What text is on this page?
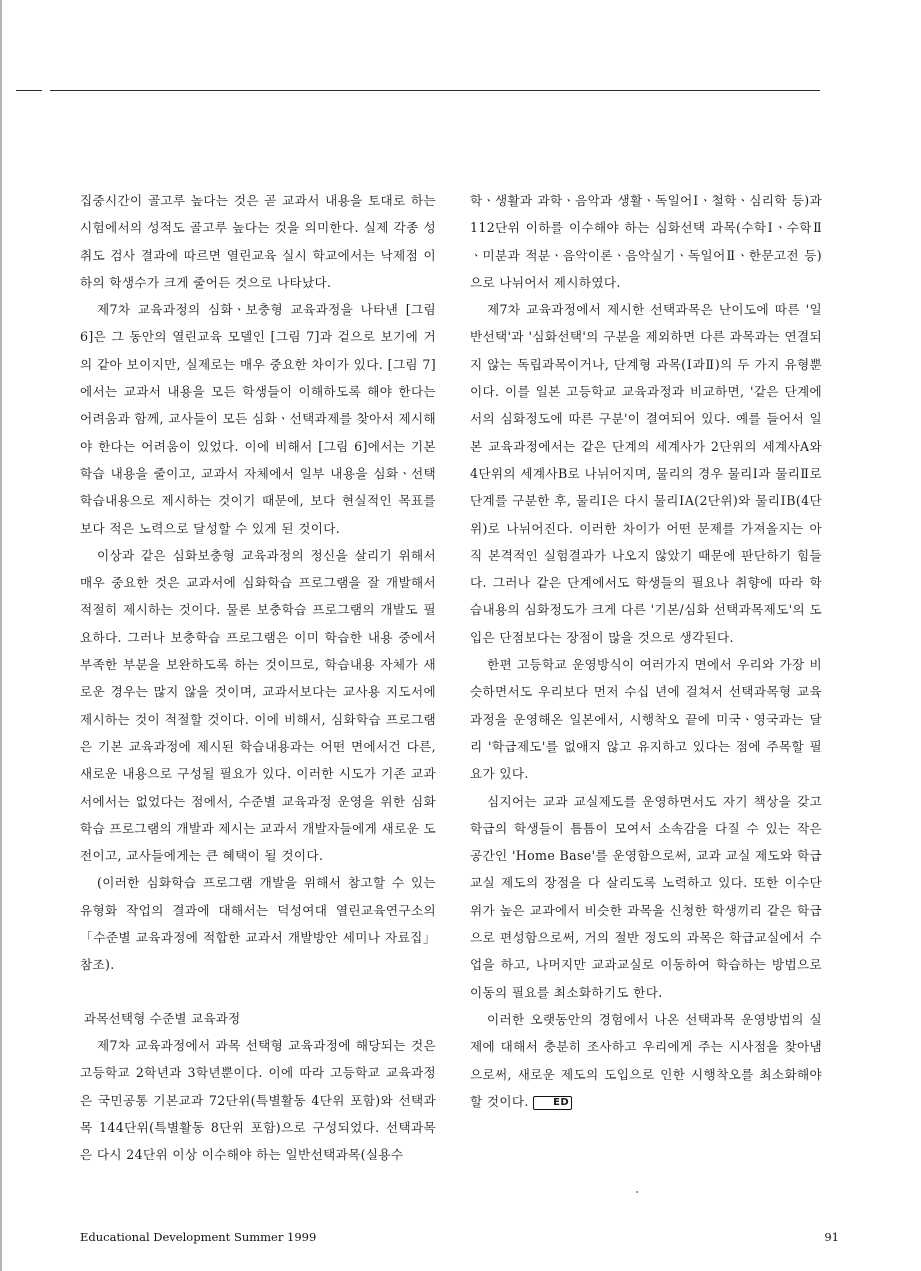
집중시간이 골고루 높다는 것은 곧 교과서 내용을 토대로 하는 시험에서의 성적도 골고루 높다는 것을 의미한다. 실제 각종 성취도 검사 결과에 따르면 열린교육 실시 학교에서는 낙제점 이하의 학생수가 크게 줄어든 것으로 나타났다.

제7차 교육과정의 심화ㆍ보충형 교육과정을 나타낸 [그림 6]은 그 동안의 열린교육 모델인 [그림 7]과 겉으로 보기에 거의 같아 보이지만, 실제로는 매우 중요한 차이가 있다. [그림 7]에서는 교과서 내용을 모든 학생들이 이해하도록 해야 한다는 어려움과 함께, 교사들이 모든 심화ㆍ선택과제를 찾아서 제시해야 한다는 어려움이 있었다. 이에 비해서 [그림 6]에서는 기본학습 내용을 줄이고, 교과서 자체에서 일부 내용을 심화ㆍ선택 학습내용으로 제시하는 것이기 때문에, 보다 현실적인 목표를 보다 적은 노력으로 달성할 수 있게 된 것이다.

이상과 같은 심화보충형 교육과정의 정신을 살리기 위해서 매우 중요한 것은 교과서에 심화학습 프로그램을 잘 개발해서 적절히 제시하는 것이다. 물론 보충학습 프로그램의 개발도 필요하다. 그러나 보충학습 프로그램은 이미 학습한 내용 중에서 부족한 부분을 보완하도록 하는 것이므로, 학습내용 자체가 새로운 경우는 많지 않을 것이며, 교과서보다는 교사용 지도서에 제시하는 것이 적절할 것이다. 이에 비해서, 심화학습 프로그램은 기본 교육과정에 제시된 학습내용과는 어떤 면에서건 다른, 새로운 내용으로 구성될 필요가 있다. 이러한 시도가 기존 교과서에서는 없었다는 점에서, 수준별 교육과정 운영을 위한 심화학습 프로그램의 개발과 제시는 교과서 개발자들에게 새로운 도전이고, 교사들에게는 큰 혜택이 될 것이다.

(이러한 심화학습 프로그램 개발을 위해서 참고할 수 있는 유형화 작업의 결과에 대해서는 덕성여대 열린교육연구소의 「수준별 교육과정에 적합한 교과서 개발방안 세미나 자료집」 참조).

과목선택형 수준별 교육과정

제7차 교육과정에서 과목 선택형 교육과정에 해당되는 것은 고등학교 2학년과 3학년뿐이다. 이에 따라 고등학교 교육과정은 국민공통 기본교과 72단위(특별활동 4단위 포함)와 선택과목 144단위(특별활동 8단위 포함)으로 구성되었다. 선택과목은 다시 24단위 이상 이수해야 하는 일반선택과목(실용수

학ㆍ생활과 과학ㆍ음악과 생활ㆍ독일어Ⅰㆍ철학ㆍ심리학 등)과 112단위 이하를 이수해야 하는 심화선택 과목(수학Ⅰㆍ수학Ⅱㆍ미분과 적분ㆍ음악이론ㆍ음악실기ㆍ독일어Ⅱㆍ한문고전 등)으로 나뉘어서 제시하였다.

제7차 교육과정에서 제시한 선택과목은 난이도에 따른 '일반선택'과 '심화선택'의 구분을 제외하면 다른 과목과는 연결되지 않는 독립과목이거나, 단계형 과목(Ⅰ과Ⅱ)의 두 가지 유형뿐이다. 이를 일본 고등학교 교육과정과 비교하면, '같은 단계에서의 심화정도에 따른 구분'이 결여되어 있다. 예를 들어서 일본 교육과정에서는 같은 단계의 세계사가 2단위의 세계사A와 4단위의 세계사B로 나뉘어지며, 물리의 경우 물리Ⅰ과 물리Ⅱ로 단계를 구분한 후, 물리Ⅰ은 다시 물리ⅠA(2단위)와 물리ⅠB(4단위)로 나뉘어진다. 이러한 차이가 어떤 문제를 가져올지는 아직 본격적인 실험결과가 나오지 않았기 때문에 판단하기 힘들다. 그러나 같은 단계에서도 학생들의 필요나 취향에 따라 학습내용의 심화정도가 크게 다른 '기본/심화 선택과목제도'의 도입은 단점보다는 장점이 많을 것으로 생각된다.

한편 고등학교 운영방식이 여러가지 면에서 우리와 가장 비슷하면서도 우리보다 먼저 수십 년에 걸쳐서 선택과목형 교육과정을 운영해온 일본에서, 시행착오 끝에 미국ㆍ영국과는 달리 '학급제도'를 없애지 않고 유지하고 있다는 점에 주목할 필요가 있다.

심지어는 교과 교실제도를 운영하면서도 자기 책상을 갖고 학급의 학생들이 틈틈이 모여서 소속감을 다질 수 있는 작은 공간인 'Home Base'를 운영함으로써, 교과 교실 제도와 학급 교실 제도의 장점을 다 살리도록 노력하고 있다. 또한 이수단위가 높은 교과에서 비슷한 과목을 신청한 학생끼리 같은 학급으로 편성함으로써, 거의 절반 정도의 과목은 학급교실에서 수업을 하고, 나머지만 교과교실로 이동하여 학습하는 방법으로 이동의 필요를 최소화하기도 한다.

이러한 오랫동안의 경험에서 나온 선택과목 운영방법의 실제에 대해서 충분히 조사하고 우리에게 주는 시사점을 찾아냄으로써, 새로운 제도의 도입으로 인한 시행착오를 최소화해야 할 것이다. ED

Educational Development Summer 1999	91
